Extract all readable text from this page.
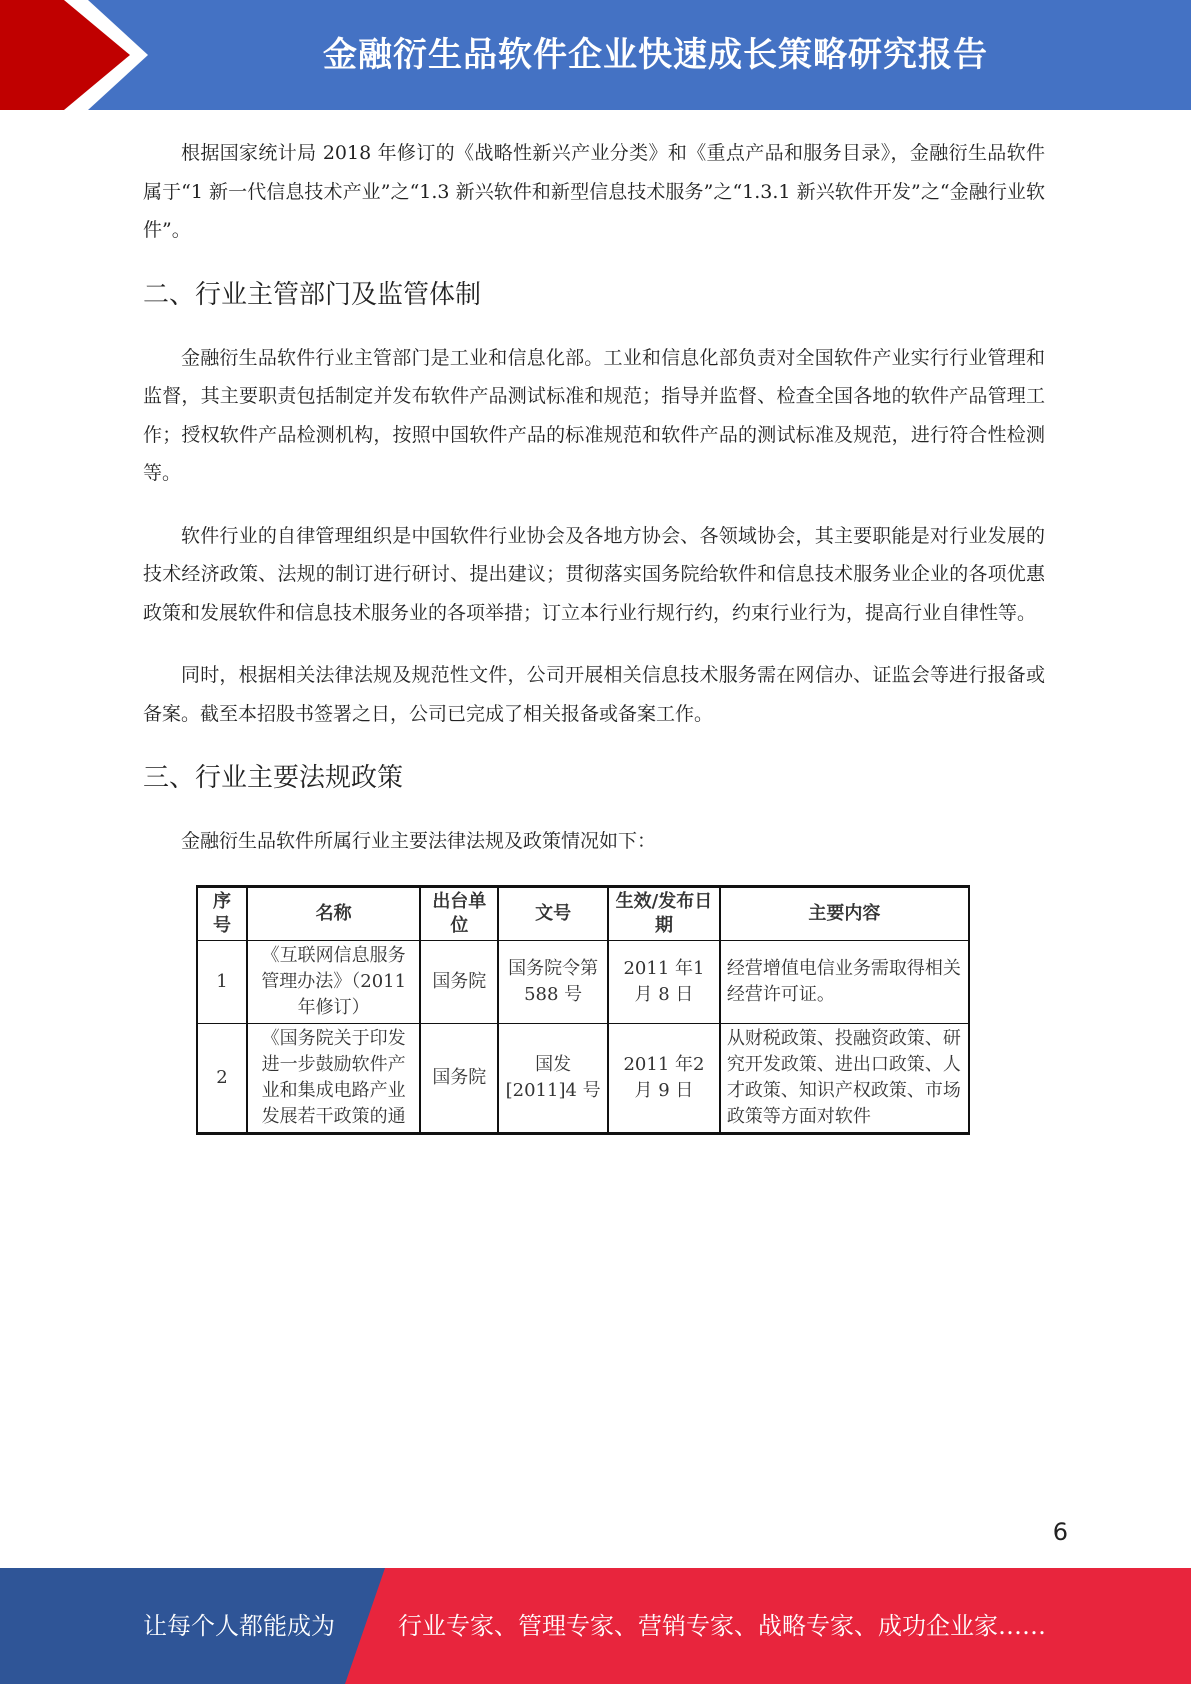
金融衍生品软件企业快速成长策略研究报告

根据国家统计局 2018 年修订的《战略性新兴产业分类》和《重点产品和服务目录》，金融衍生品软件属于“1 新一代信息技术产业”之“1.3 新兴软件和新型信息技术服务”之“1.3.1 新兴软件开发”之“金融行业软件”。

二、行业主管部门及监管体制

金融衍生品软件行业主管部门是工业和信息化部。工业和信息化部负责对全国软件产业实行行业管理和监督，其主要职责包括制定并发布软件产品测试标准和规范；指导并监督、检查全国各地的软件产品管理工作；授权软件产品检测机构，按照中国软件产品的标准规范和软件产品的测试标准及规范，进行符合性检测等。

软件行业的自律管理组织是中国软件行业协会及各地方协会、各领域协会，其主要职能是对行业发展的技术经济政策、法规的制订进行研讨、提出建议；贯彻落实国务院给软件和信息技术服务业企业的各项优惠政策和发展软件和信息技术服务业的各项举措；订立本行业行规行约，约束行业行为，提高行业自律性等。

同时，根据相关法律法规及规范性文件，公司开展相关信息技术服务需在网信办、证监会等进行报备或备案。截至本招股书签署之日，公司已完成了相关报备或备案工作。

三、行业主要法规政策

金融衍生品软件所属行业主要法律法规及政策情况如下：

序号	名称	出台单位	文号	生效/发布日期	主要内容
1	《互联网信息服务管理办法》（2011年修订）	国务院	国务院令第 588 号	2011 年1 月 8 日	经营增值电信业务需取得相关经营许可证。
2	《国务院关于印发进一步鼓励软件产业和集成电路产业发展若干政策的通	国务院	国发[2011]4 号	2011 年2 月 9 日	从财税政策、投融资政策、研究开发政策、进出口政策、人才政策、知识产权政策、市场政策等方面对软件
6
让每个人都能成为	行业专家、管理专家、营销专家、战略专家、成功企业家……
